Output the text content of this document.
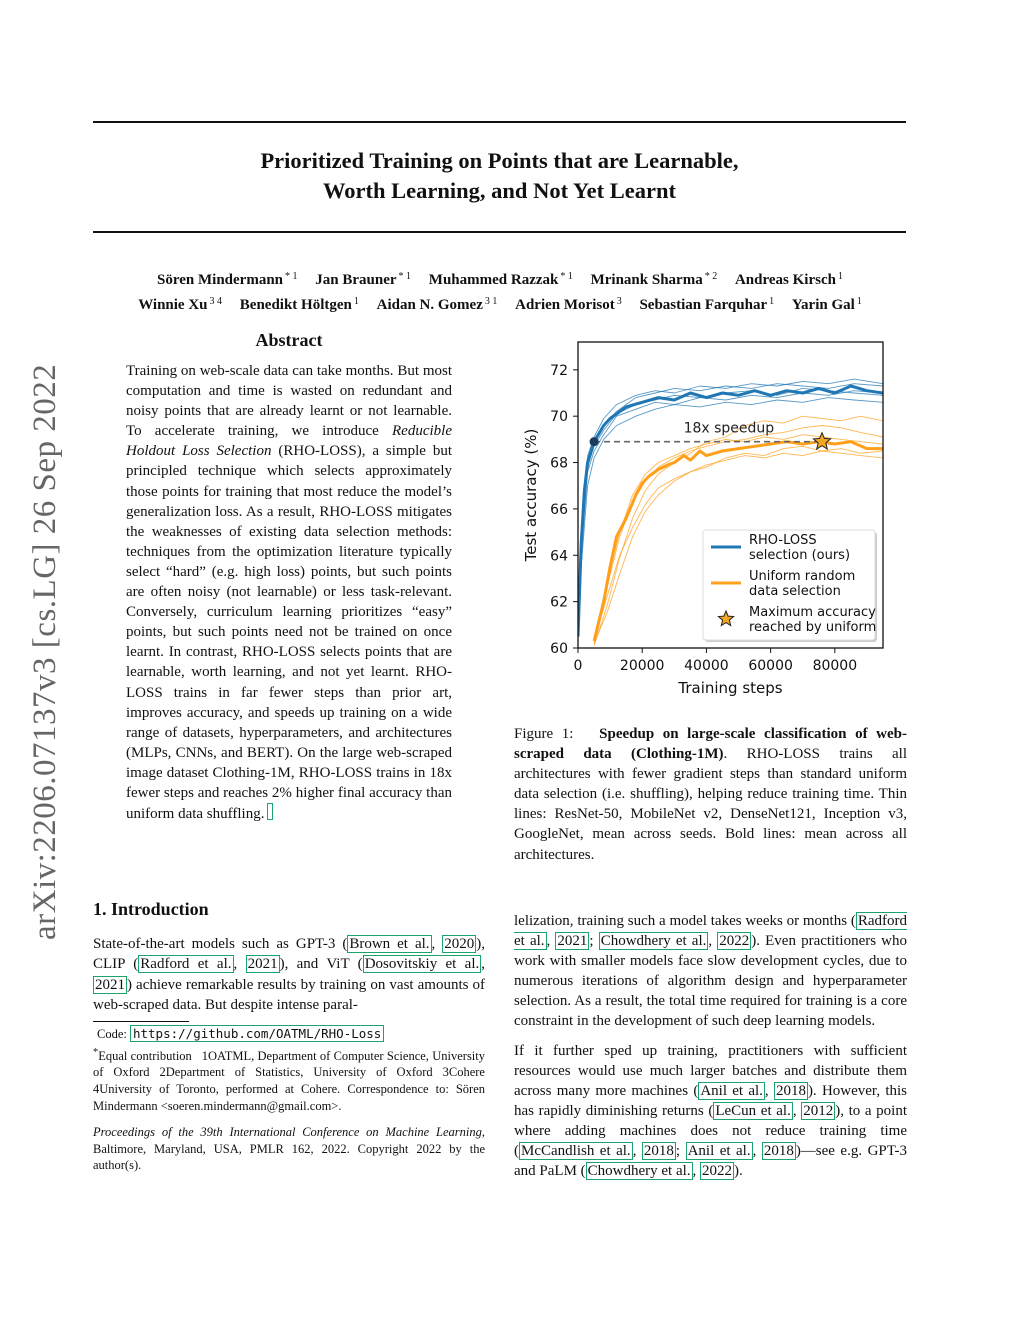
Prioritized Training on Points that are Learnable,
Worth Learning, and Not Yet Learnt
Sören Mindermann $^{* 1}$ Jan Brauner $^{* 1}$ Muhammed Razzak $^{* 1}$ Mrinank Sharma $^{* 2}$ Andreas Kirsch $^1$
Winnie Xu $^{3 4}$ Benedikt Höltgen $^1$ Aidan N. Gomez $^{3 1}$ Adrien Morisot $^3$ Sebastian Farquhar $^1$ Yarin Gal $^1$
arXiv:2206.07137v3 [cs.LG] 26 Sep 2022
Abstract
Training on web-scale data can take months. But most computation and time is wasted on redundant and noisy points that are already learnt or not learnable. To accelerate training, we introduce Reducible Holdout Loss Selection (RHO-LOSS), a simple but principled technique which selects approximately those points for training that most reduce the model’s generalization loss. As a result, RHO-LOSS mitigates the weaknesses of existing data selection methods: techniques from the optimization literature typically select “hard” (e.g. high loss) points, but such points are often noisy (not learnable) or less task-relevant. Conversely, curriculum learning prioritizes “easy” points, but such points need not be trained on once learnt. In contrast, RHO-LOSS selects points that are learnable, worth learning, and not yet learnt. RHO-LOSS trains in far fewer steps than prior art, improves accuracy, and speeds up training on a wide range of datasets, hyperparameters, and architectures (MLPs, CNNs, and BERT). On the large web-scraped image dataset Clothing-1M, RHO-LOSS trains in 18x fewer steps and reaches 2% higher final accuracy than uniform data shuffling.
18x speedup
0	20000 40000 60000 80000
60
62
64
66
68
70
72
Training steps
Test accuracy (%)	RHO-LOSS
selection (ours)
Uniform random
data selection
Maximum accuracy
reached by uniform
Figure 1: Speedup on large-scale classification of web-scraped data (Clothing-1M). RHO-LOSS trains all architectures with fewer gradient steps than standard uniform data selection (i.e. shuffling), helping reduce training time. Thin lines: ResNet-50, MobileNet v2, DenseNet121, Inception v3, GoogleNet, mean across seeds. Bold lines: mean across all architectures.
1. Introduction

State-of-the-art models such as GPT-3 ( Brown et al. , 2020 ), CLIP ( Radford et al. , 2021 ), and ViT ( Dosovitskiy et al. , 2021 ) achieve remarkable results by training on vast amounts of web-scraped data. But despite intense paral-

Code: https://github.com/OATML/RHO-Loss

*Equal contribution 1OATML, Department of Computer Science, University of Oxford 2Department of Statistics, University of Oxford 3Cohere 4University of Toronto, performed at Cohere. Correspondence to: Sören Mindermann <soeren.mindermann@gmail.com>.

Proceedings of the 39th International Conference on Machine Learning, Baltimore, Maryland, USA, PMLR 162, 2022. Copyright 2022 by the author(s).

lelization, training such a model takes weeks or months ( Radford et al. , 2021 ; Chowdhery et al. , 2022 ). Even practitioners who work with smaller models face slow development cycles, due to numerous iterations of algorithm design and hyperparameter selection. As a result, the total time required for training is a core constraint in the development of such deep learning models.

If it further sped up training, practitioners with sufficient resources would use much larger batches and distribute them across many more machines ( Anil et al. , 2018 ). However, this has rapidly diminishing returns ( LeCun et al. , 2012 ), to a point where adding machines does not reduce training time ( McCandlish et al. , 2018 ; Anil et al. , 2018 )—see e.g. GPT-3 and PaLM ( Chowdhery et al. , 2022 ).
